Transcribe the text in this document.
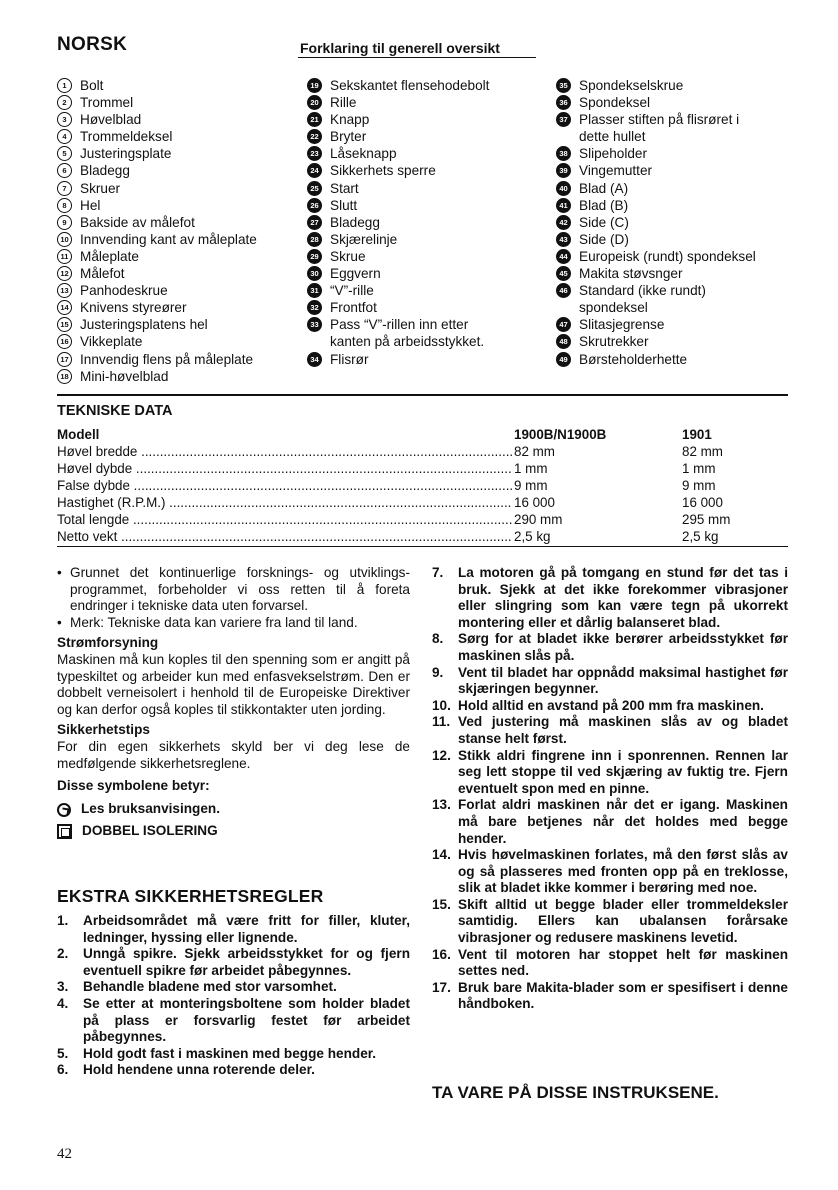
NORSK	Forklaring til generell oversikt
1 Bolt
2 Trommel
3 Høvelblad
4 Trommeldeksel
5 Justeringsplate
6 Bladegg
7 Skruer
8 Hel
9 Bakside av målefot
10 Innvending kant av måleplate
11 Måleplate
12 Målefot
13 Panhodeskrue
14 Knivens styreører
15 Justeringsplatens hel
16 Vikkeplate
17 Innvendig flens på måleplate
18 Mini-høvelblad
19 Sekskantet flensehodebolt
20 Rille
21 Knapp
22 Bryter
23 Låseknapp
24 Sikkerhets sperre
25 Start
26 Slutt
27 Bladegg
28 Skjærelinje
29 Skrue
30 Eggvern
31 “V”-rille
32 Frontfot
33 Pass “V”-rillen inn etter
kanten på arbeidsstykket.
34 Flisrør
35 Spondekselskrue
36 Spondeksel
37 Plasser stiften på flisrøret i
dette hullet
38 Slipeholder
39 Vingemutter
40 Blad (A)
41 Blad (B)
42 Side (C)
43 Side (D)
44 Europeisk (rundt) spondeksel
45 Makita støvsnger
46 Standard (ikke rundt)
spondeksel
47 Slitasjegrense
48 Skrutrekker
49 Børsteholderhette
TEKNISKE DATA
Modell	1900B/N1900B	1901
Høvel bredde .....	82 mm	82 mm
Høvel dybde .....	1 mm	1 mm
False dybde .....	9 mm	9 mm
Hastighet (R.P.M.) .....	16 000	16 000
Total lengde .....	290 mm	295 mm
Netto vekt .....	2,5 kg	2,5 kg

• Grunnet det kontinuerlige forsknings- og utviklingsprogrammet, forbeholder vi oss retten til å foreta endringer i tekniske data uten forvarsel.

• Merk: Tekniske data kan variere fra land til land.

Strømforsyning

Maskinen må kun koples til den spenning som er angitt på typeskiltet og arbeider kun med enfasvekselstrøm. Den er dobbelt verneisolert i henhold til de Europeiske Direktiver og kan derfor også koples til stikkontakter uten jording.

Sikkerhetstips

For din egen sikkerhets skyld ber vi deg lese de medfølgende sikkerhetsreglene.

Disse symbolene betyr:

Les bruksanvisingen.
DOBBEL ISOLERING
EKSTRA SIKKERHETSREGLER
1. Arbeidsområdet må være fritt for filler, kluter, ledninger, hyssing eller lignende.
2. Unngå spikre. Sjekk arbeidsstykket for og fjern eventuell spikre før arbeidet påbegynnes.
3. Behandle bladene med stor varsomhet.
4. Se etter at monteringsboltene som holder bladet på plass er forsvarlig festet før arbeidet påbegynnes.
5. Hold godt fast i maskinen med begge hender.
6. Hold hendene unna roterende deler.
7. La motoren gå på tomgang en stund før det tas i bruk. Sjekk at det ikke forekommer vibrasjoner eller slingring som kan være tegn på ukorrekt montering eller et dårlig balanseret blad.
8. Sørg for at bladet ikke berører arbeidsstykket før maskinen slås på.
9. Vent til bladet har oppnådd maksimal hastighet før skjæringen begynner.
10. Hold alltid en avstand på 200 mm fra maskinen.
11. Ved justering må maskinen slås av og bladet stanse helt først.
12. Stikk aldri fingrene inn i sponrennen. Rennen lar seg lett stoppe til ved skjæring av fuktig tre. Fjern eventuelt spon med en pinne.
13. Forlat aldri maskinen når det er igang. Maskinen må bare betjenes når det holdes med begge hender.
14. Hvis høvelmaskinen forlates, må den først slås av og så plasseres med fronten opp på en treklosse, slik at bladet ikke kommer i berøring med noe.
15. Skift alltid ut begge blader eller trommeldeksler samtidig. Ellers kan ubalansen forårsake vibrasjoner og redusere maskinens levetid.
16. Vent til motoren har stoppet helt før maskinen settes ned.
17. Bruk bare Makita-blader som er spesifisert i denne håndboken.
TA VARE PÅ DISSE INSTRUKSENE.
42
